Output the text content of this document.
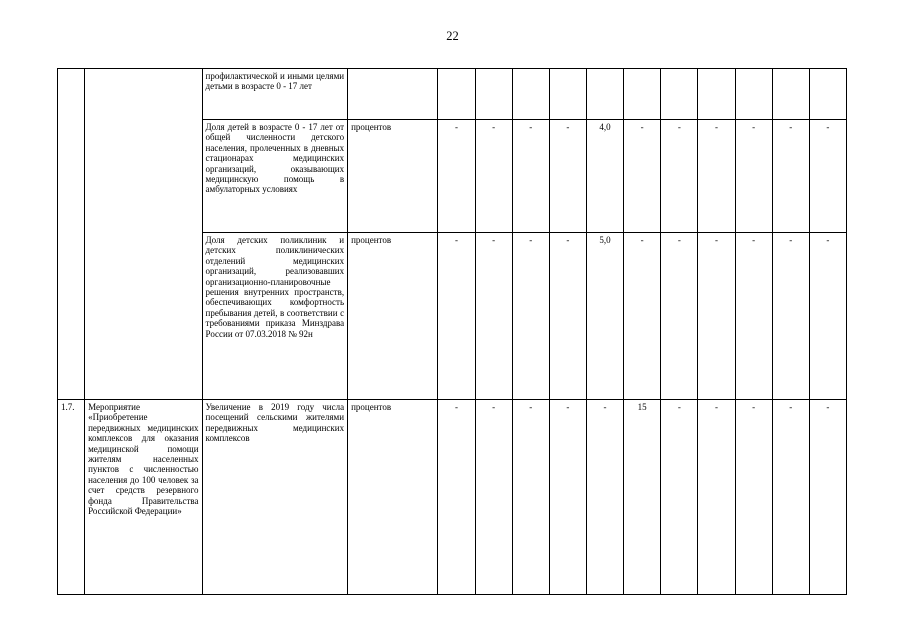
22
		профилактической и иными целями детьми в возрасте 0 - 17 лет												
		Доля детей в возрасте 0 - 17 лет от общей численности детского населения, пролеченных в дневных стационарах медицинских организаций, оказывающих медицинскую помощь в амбулаторных условиях	процентов	-	-	-	-	4,0	-	-	-	-	-	-
		Доля детских поликлиник и детских поликлинических отделений медицинских организаций, реализовавших организационно-планировочные решения внутренних пространств, обеспечивающих комфортность пребывания детей, в соответствии с требованиями приказа Минздрава России от 07.03.2018 № 92н	процентов	-	-	-	-	5,0	-	-	-	-	-	-
1.7.	Мероприятие «Приобретение передвижных медицинских комплексов для оказания медицинской помощи жителям населенных пунктов с численностью населения до 100 человек за счет средств резервного фонда Правительства Российской Федерации»	Увеличение в 2019 году числа посещений сельскими жителями передвижных медицинских комплексов	процентов	-	-	-	-	-	15	-	-	-	-	-
